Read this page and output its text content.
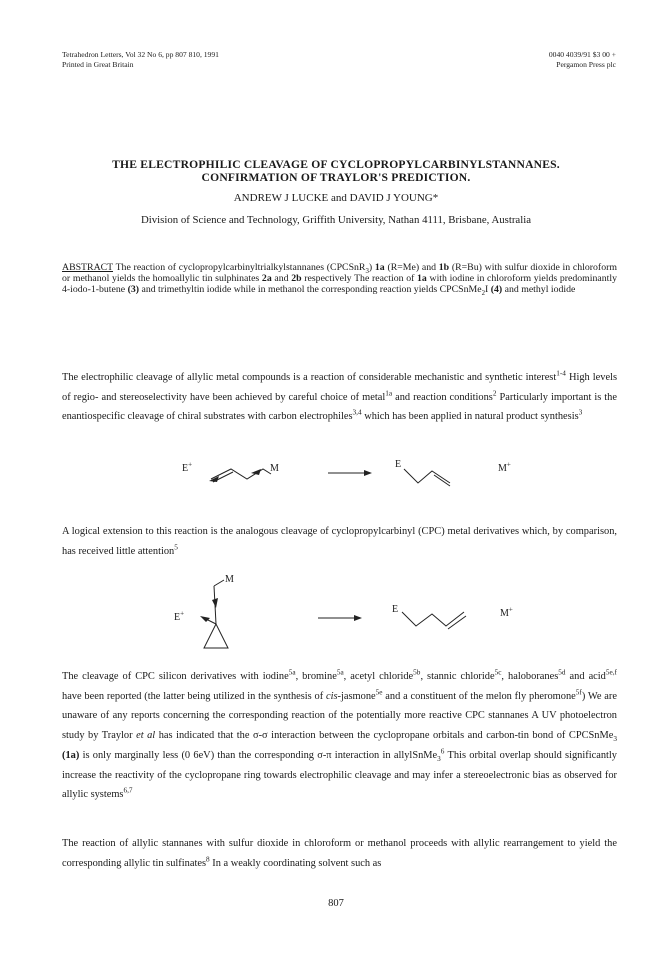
Tetrahedron Letters, Vol 32 No 6, pp 807 810, 1991
Printed in Great Britain
0040 4039/91 $3 00 +
Pergamon Press plc
THE ELECTROPHILIC CLEAVAGE OF CYCLOPROPYLCARBINYLSTANNANES.
CONFIRMATION OF TRAYLOR'S PREDICTION.
ANDREW J LUCKE and DAVID J YOUNG*
Division of Science and Technology, Griffith University, Nathan 4111, Brisbane, Australia
ABSTRACT The reaction of cyclopropylcarbinyltrialkylstannanes (CPCSnR$_3$) 1a (R=Me) and 1b (R=Bu) with sulfur dioxide in chloroform or methanol yields the homoallylic tin sulphinates 2a and 2b respectively The reaction of 1a with iodine in chloroform yields predominantly 4-iodo-1-butene (3) and trimethyltin iodide while in methanol the corresponding reaction yields CPCSnMe$_2$I (4) and methyl iodide
The electrophilic cleavage of allylic metal compounds is a reaction of considerable mechanistic and synthetic interest$^{1-4}$ High levels of regio- and stereoselectivity have been achieved by careful choice of metal$^{1a}$ and reaction conditions$^2$ Particularly important is the enantiospecific cleavage of chiral substrates with carbon electrophiles$^{3,4}$ which has been applied in natural product synthesis$^3$
E+	M	E	M+
A logical extension to this reaction is the analogous cleavage of cyclopropylcarbinyl (CPC) metal derivatives which, by comparison, has received little attention$^5$
M
E+	E	M+
The cleavage of CPC silicon derivatives with iodine$^{5a}$, bromine$^{5a}$, acetyl chloride$^{5b}$, stannic chloride$^{5c}$, haloboranes$^{5d}$ and acid$^{5e,f}$ have been reported (the latter being utilized in the synthesis of cis-jasmone$^{5e}$ and a constituent of the melon fly pheromone$^{5f}$) We are unaware of any reports concerning the corresponding reaction of the potentially more reactive CPC stannanes A UV photoelectron study by Traylor et al has indicated that the σ-σ interaction between the cyclopropane orbitals and carbon-tin bond of CPCSnMe$_3$ (1a) is only marginally less (0 6eV) than the corresponding σ-π interaction in allylSnMe$_3^6$ This orbital overlap should significantly increase the reactivity of the cyclopropane ring towards electrophilic cleavage and may infer a stereoelectronic bias as observed for allylic systems$^{6,7}$
The reaction of allylic stannanes with sulfur dioxide in chloroform or methanol proceeds with allylic rearrangement to yield the corresponding allylic tin sulfinates$^8$ In a weakly coordinating solvent such as
807
